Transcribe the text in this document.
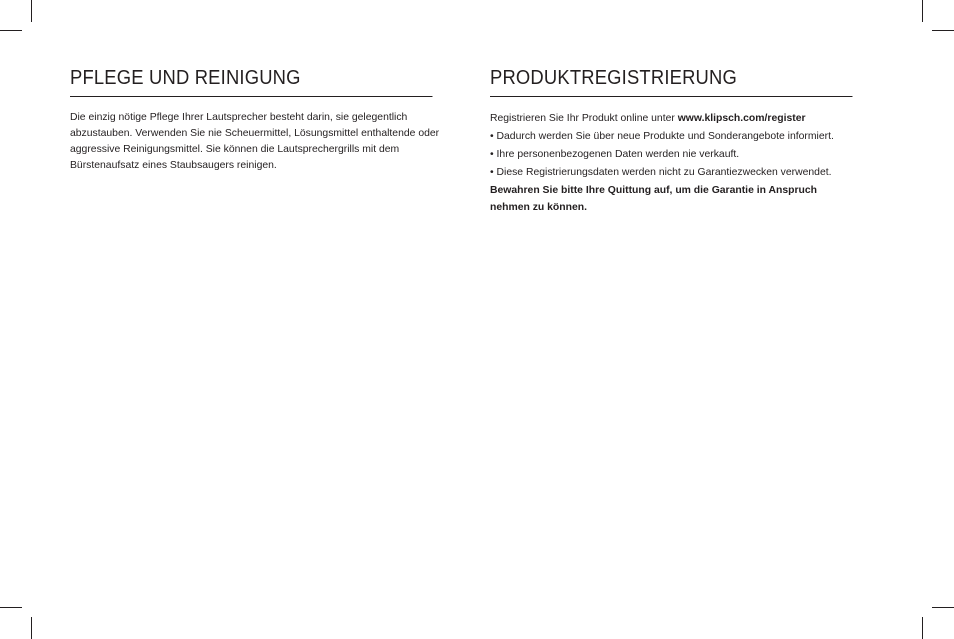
PFLEGE UND REINIGUNG

Die einzig nötige Pflege Ihrer Lautsprecher besteht darin, sie gelegentlich abzustauben. Verwenden Sie nie Scheuermittel, Lösungsmittel enthaltende oder aggressive Reinigungsmittel. Sie können die Lautsprechergrills mit dem Bürstenaufsatz eines Staubsaugers reinigen.

PRODUKTREGISTRIERUNG
Registrieren Sie Ihr Produkt online unter www.klipsch.com/register
• Dadurch werden Sie über neue Produkte und Sonderangebote informiert.
• Ihre personenbezogenen Daten werden nie verkauft.
• Diese Registrierungsdaten werden nicht zu Garantiezwecken verwendet.
Bewahren Sie bitte Ihre Quittung auf, um die Garantie in Anspruch nehmen zu können.
